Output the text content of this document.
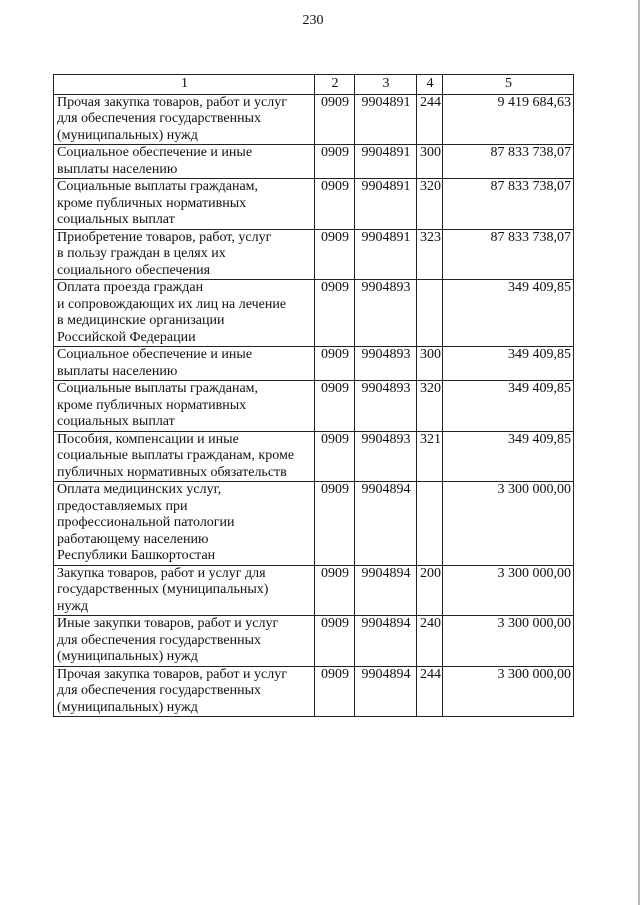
230
1	2	3	4	5
Прочая закупка товаров, работ и услуг
для обеспечения государственных
(муниципальных) нужд	0909	9904891	244	9 419 684,63
Социальное обеспечение и иные
выплаты населению	0909	9904891	300	87 833 738,07
Социальные выплаты гражданам,
кроме публичных нормативных
социальных выплат	0909	9904891	320	87 833 738,07
Приобретение товаров, работ, услуг
в пользу граждан в целях их
социального обеспечения	0909	9904891	323	87 833 738,07
Оплата проезда граждан
и сопровождающих их лиц на лечение
в медицинские организации
Российской Федерации	0909	9904893		349 409,85
Социальное обеспечение и иные
выплаты населению	0909	9904893	300	349 409,85
Социальные выплаты гражданам,
кроме публичных нормативных
социальных выплат	0909	9904893	320	349 409,85
Пособия, компенсации и иные
социальные выплаты гражданам, кроме
публичных нормативных обязательств	0909	9904893	321	349 409,85
Оплата медицинских услуг,
предоставляемых при
профессиональной патологии
работающему населению
Республики Башкортостан	0909	9904894		3 300 000,00
Закупка товаров, работ и услуг для
государственных (муниципальных)
нужд	0909	9904894	200	3 300 000,00
Иные закупки товаров, работ и услуг
для обеспечения государственных
(муниципальных) нужд	0909	9904894	240	3 300 000,00
Прочая закупка товаров, работ и услуг
для обеспечения государственных
(муниципальных) нужд	0909	9904894	244	3 300 000,00
